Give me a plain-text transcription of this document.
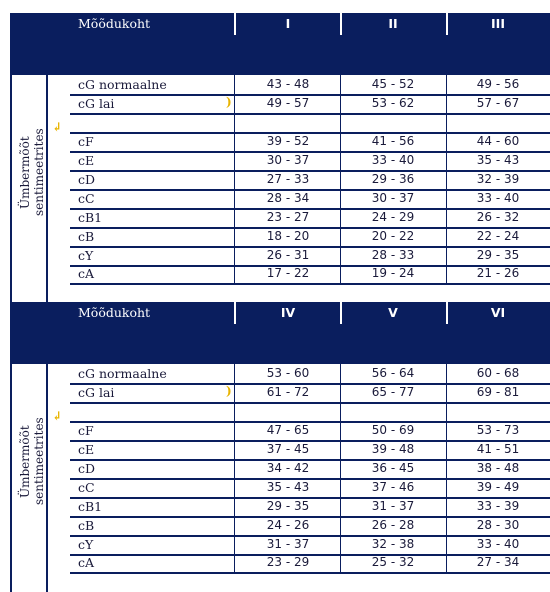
Mõõdukoht	I	II	III
Ümbermõõt sentimeetrites
cG normaalne	43 - 48	45 - 52	49 - 56
cG lai	49 - 57	53 - 62	57 - 67
cF	39 - 52	41 - 56	44 - 60
cE	30 - 37	33 - 40	35 - 43
cD	27 - 33	29 - 36	32 - 39
cC	28 - 34	30 - 37	33 - 40
cB1	23 - 27	24 - 29	26 - 32
cB	18 - 20	20 - 22	22 - 24
cY	26 - 31	28 - 33	29 - 35
cA	17 - 22	19 - 24	21 - 26
)
↲
Mõõdukoht	IV	V	VI
Ümbermõõt sentimeetrites
cG normaalne	53 - 60	56 - 64	60 - 68
cG lai	61 - 72	65 - 77	69 - 81
cF	47 - 65	50 - 69	53 - 73
cE	37 - 45	39 - 48	41 - 51
cD	34 - 42	36 - 45	38 - 48
cC	35 - 43	37 - 46	39 - 49
cB1	29 - 35	31 - 37	33 - 39
cB	24 - 26	26 - 28	28 - 30
cY	31 - 37	32 - 38	33 - 40
cA	23 - 29	25 - 32	27 - 34
)
↲
